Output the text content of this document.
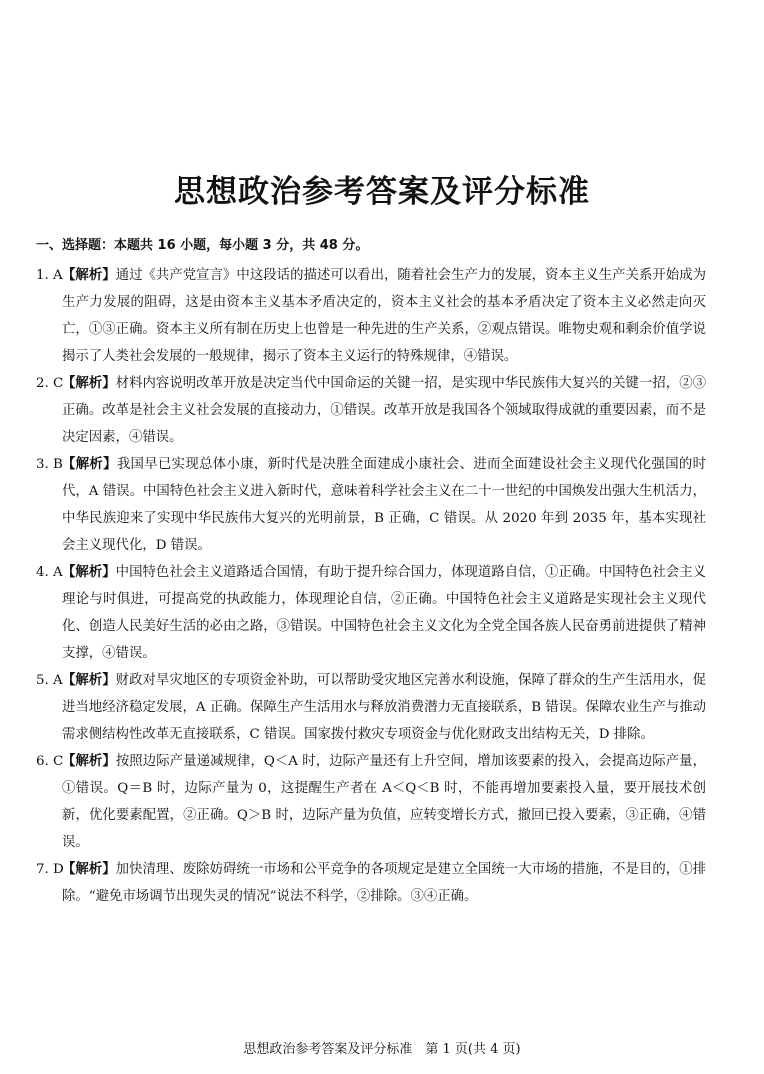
思想政治参考答案及评分标准

一、选择题：本题共 16 小题，每小题 3 分，共 48 分。

1. A 【解析】通过《共产党宣言》中这段话的描述可以看出，随着社会生产力的发展，资本主义生产关系开始成为生产力发展的阻碍，这是由资本主义基本矛盾决定的，资本主义社会的基本矛盾决定了资本主义必然走向灭亡，①③正确。资本主义所有制在历史上也曾是一种先进的生产关系，②观点错误。唯物史观和剩余价值学说揭示了人类社会发展的一般规律，揭示了资本主义运行的特殊规律，④错误。
2. C
【解析】材料内容说明改革开放是决定当代中国命运的关键一招，是实现中华民族伟大复兴的关键一招，②③正确。改革是社会主义社会发展的直接动力，①错误。改革开放是我国各个领域取得成就的重要因素，而不是决定因素，④错误。
3. B 【解析】我国早已实现总体小康，新时代是决胜全面建成小康社会、进而全面建设社会主义现代化强国的时代，A 错误。中国特色社会主义进入新时代，意味着科学社会主义在二十一世纪的中国焕发出强大生机活力，中华民族迎来了实现中华民族伟大复兴的光明前景，B 正确，C 错误。从 2020 年到 2035 年，基本实现社会主义现代化，D 错误。
4. A 【解析】中国特色社会主义道路适合国情，有助于提升综合国力，体现道路自信，①正确。中国特色社会主义理论与时俱进，可提高党的执政能力，体现理论自信，②正确。中国特色社会主义道路是实现社会主义现代化、创造人民美好生活的必由之路，③错误。中国特色社会主义文化为全党全国各族人民奋勇前进提供了精神支撑，④错误。
5. A 【解析】财政对旱灾地区的专项资金补助，可以帮助受灾地区完善水利设施，保障了群众的生产生活用水，促进当地经济稳定发展，A 正确。保障生产生活用水与释放消费潜力无直接联系，B 错误。保障农业生产与推动需求侧结构性改革无直接联系，C 错误。国家拨付救灾专项资金与优化财政支出结构无关，D 排除。
6. C
【解析】按照边际产量递减规律，Q＜A 时，边际产量还有上升空间，增加该要素的投入，会提高边际产量，①错误。Q＝B 时，边际产量为 0，这提醒生产者在 A＜Q＜B 时，不能再增加要素投入量，要开展技术创新，优化要素配置，②正确。Q＞B 时，边际产量为负值，应转变增长方式，撤回已投入要素，③正确，④错误。
7. D
【解析】加快清理、废除妨碍统一市场和公平竞争的各项规定是建立全国统一大市场的措施，不是目的，①排除。“避免市场调节出现失灵的情况”说法不科学，②排除。③④正确。

思想政治参考答案及评分标准　第 1 页(共 4 页)
